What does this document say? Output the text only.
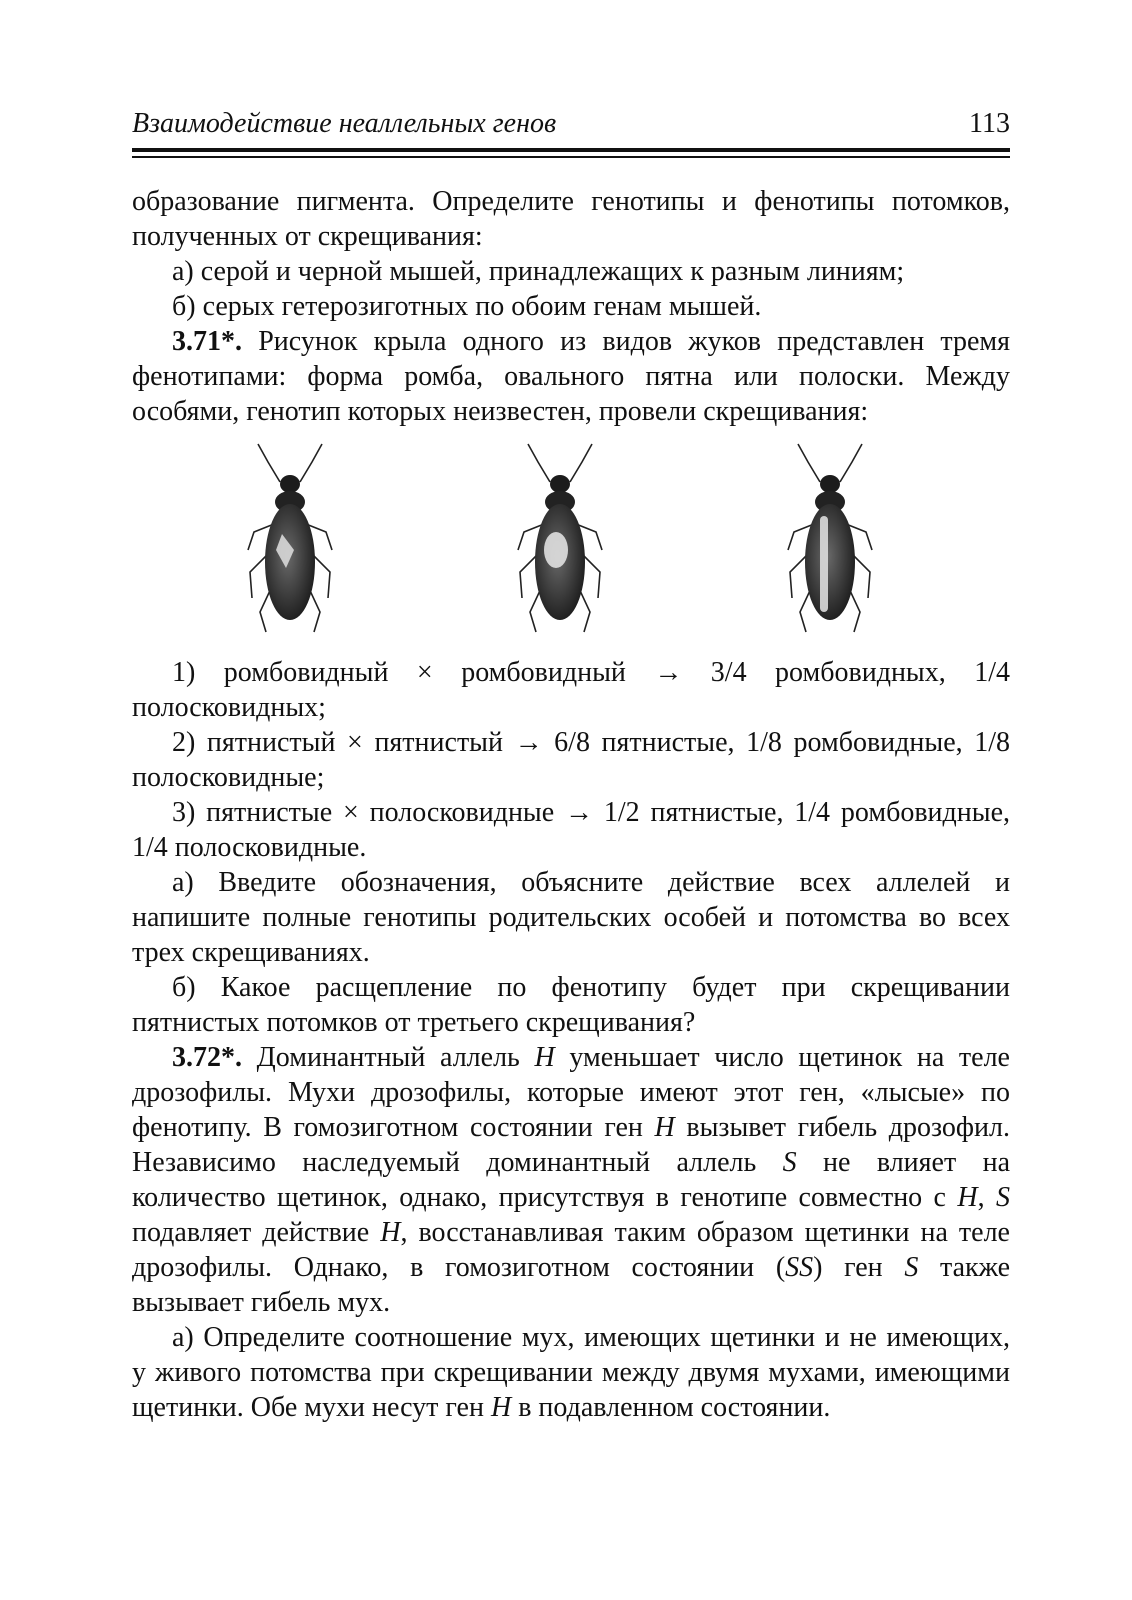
Взаимодействие неаллельных генов	113

образование пигмента. Определите генотипы и фенотипы потомков, полученных от скрещивания:

а) серой и черной мышей, принадлежащих к разным линиям;

б) серых гетерозиготных по обоим генам мышей.

3.71*. Рисунок крыла одного из видов жуков представлен тремя фенотипами: форма ромба, овального пятна или полоски. Между особями, генотип которых неизвестен, провели скрещивания:

1) ромбовидный × ромбовидный → 3/4 ромбовидных, 1/4 полосковидных;

2) пятнистый × пятнистый → 6/8 пятнистые, 1/8 ромбовидные, 1/8 полосковидные;

3) пятнистые × полосковидные → 1/2 пятнистые, 1/4 ромбовидные, 1/4 полосковидные.

а) Введите обозначения, объясните действие всех аллелей и напишите полные генотипы родительских особей и потомства во всех трех скрещиваниях.

б) Какое расщепление по фенотипу будет при скрещивании пятнистых потомков от третьего скрещивания?

3.72*. Доминантный аллель H уменьшает число щетинок на теле дрозофилы. Мухи дрозофилы, которые имеют этот ген, «лысые» по фенотипу. В гомозиготном состоянии ген H вызывет гибель дрозофил. Независимо наследуемый доминантный аллель S не влияет на количество щетинок, однако, присутствуя в генотипе совместно с H, S подавляет действие H, восстанавливая таким образом щетинки на теле дрозофилы. Однако, в гомозиготном состоянии (SS) ген S также вызывает гибель мух.

а) Определите соотношение мух, имеющих щетинки и не имеющих, у живого потомства при скрещивании между двумя мухами, имеющими щетинки. Обе мухи несут ген H в подавленном состоянии.
